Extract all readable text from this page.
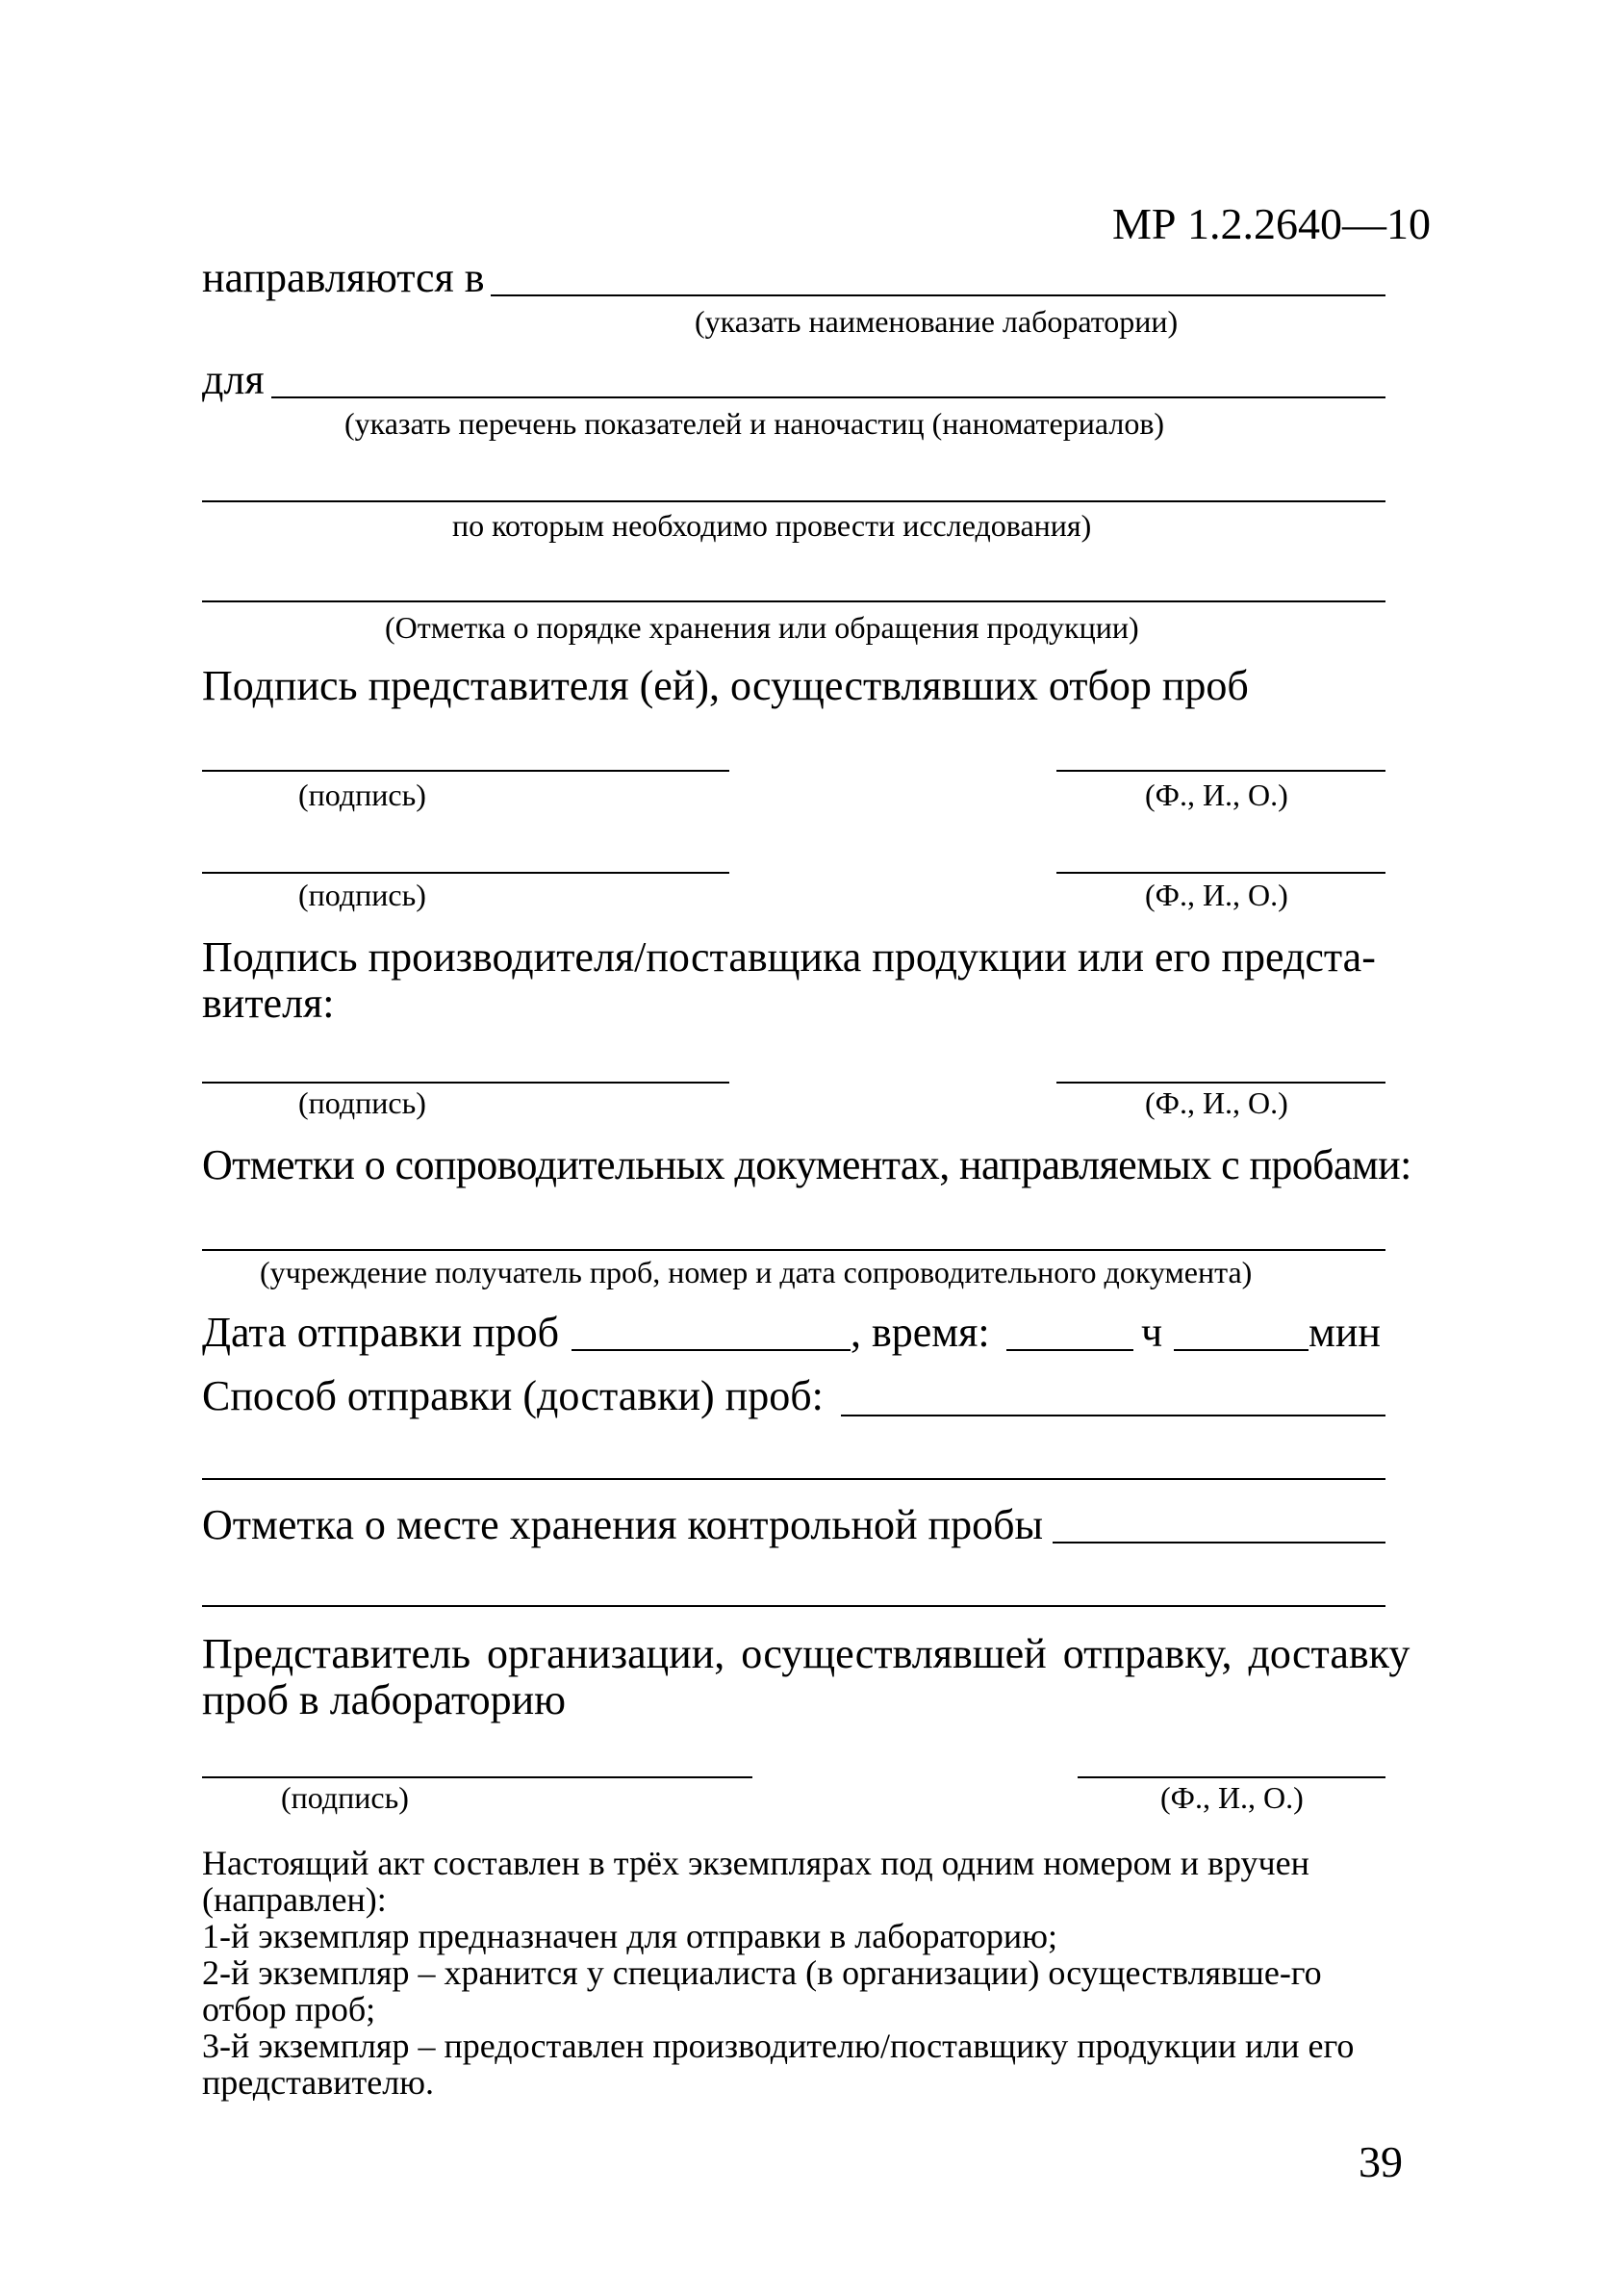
МР 1.2.2640—10
направляются в
(указать наименование лаборатории)
для
(указать перечень показателей и наночастиц (наноматериалов)
по которым необходимо провести исследования)
(Отметка о порядке хранения или обращения продукции)
Подпись представителя (ей), осуществлявших отбор проб
(подпись)	(Ф., И., О.)
(подпись)	(Ф., И., О.)
Подпись производителя/поставщика продукции или его предста-
вителя:
(подпись)	(Ф., И., О.)
Отметки о сопроводительных документах, направляемых с пробами:
(учреждение получатель проб, номер и дата сопроводительного документа)
Дата отправки проб	, время:	ч	мин
Способ отправки (доставки) проб:
Отметка о месте хранения контрольной пробы
Представитель организации, осуществлявшей отправку, доставку
проб в лабораторию
(подпись)	(Ф., И., О.)
Настоящий акт составлен в трёх экземплярах под одним номером и вручен (направлен):
1-й экземпляр предназначен для отправки в лабораторию;
2-й экземпляр – хранится у специалиста (в организации) осуществлявше-го отбор проб;
3-й экземпляр – предоставлен производителю/поставщику продукции или его представителю.
39
